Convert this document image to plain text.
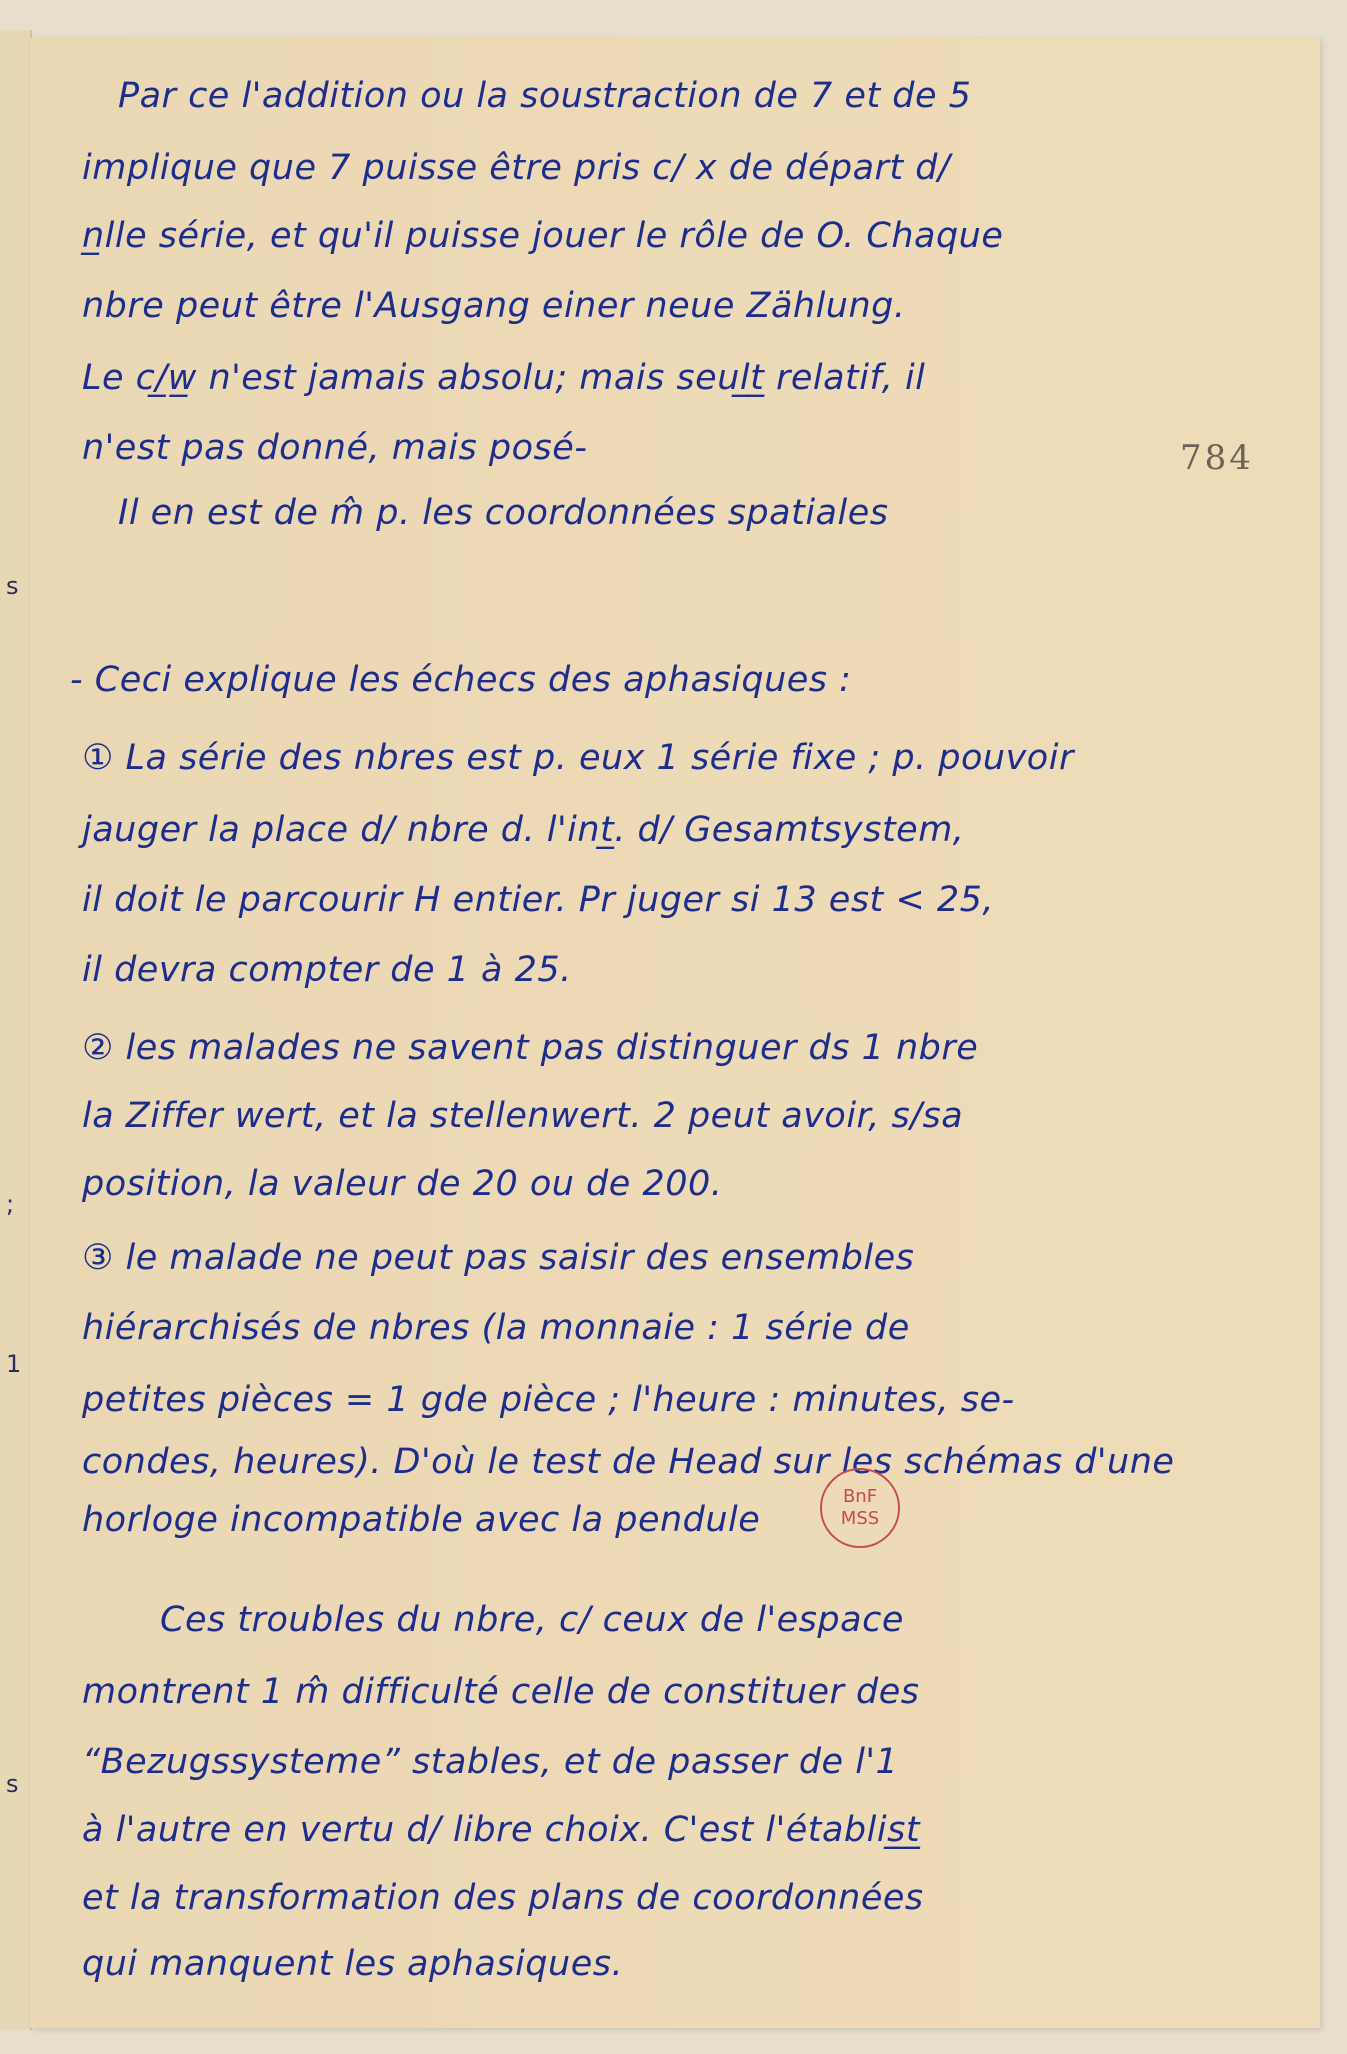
s
;
1
s
784
Par ce l'addition ou la soustraction de 7 et de 5
implique que 7 puisse être pris c/ x de départ d/
n̲lle série, et qu'il puisse jouer le rôle de O. Chaque
nbre peut être l'Ausgang einer neue Zählung.
Le c/̲w̲ n'est jamais absolu; mais seul̲t̲ relatif, il
n'est pas donné, mais posé-
Il en est de m̂ p. les coordonnées spatiales
- Ceci explique les échecs des aphasiques :
① La série des nbres est p. eux 1 série fixe ; p. pouvoir
jauger la place d/ nbre d. l'int̲. d/ Gesamtsystem,
il doit le parcourir H entier. Pr juger si 13 est < 25,
il devra compter de 1 à 25.
② les malades ne savent pas distinguer ds 1 nbre
la Ziffer wert, et la stellenwert. 2 peut avoir, s/sa
position, la valeur de 20 ou de 200.
③ le malade ne peut pas saisir des ensembles
hiérarchisés de nbres (la monnaie : 1 série de
petites pièces = 1 gde pièce ; l'heure : minutes, se-
condes, heures). D'où le test de Head sur les schémas d'une
horloge incompatible avec la pendule
Ces troubles du nbre, c/ ceux de l'espace
montrent 1 m̂ difficulté celle de constituer des
“Bezugssysteme” stables, et de passer de l'1
à l'autre en vertu d/ libre choix. C'est l'établis̲t̲
et la transformation des plans de coordonnées
qui manquent les aphasiques.
BnF
MSS
